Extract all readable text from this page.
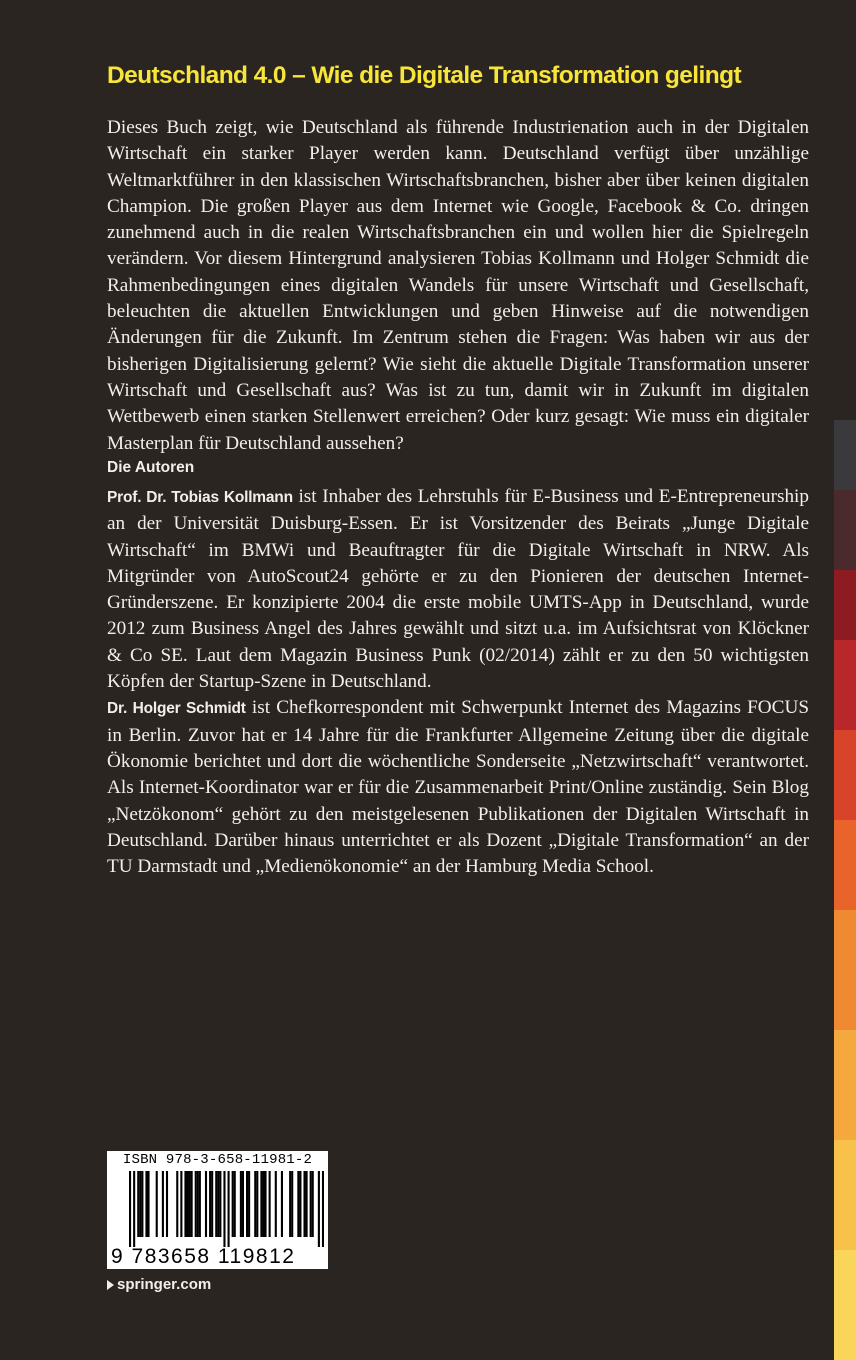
Deutschland 4.0 – Wie die Digitale Transformation gelingt

Dieses Buch zeigt, wie Deutschland als führende Industrienation auch in der Digitalen Wirtschaft ein starker Player werden kann. Deutschland verfügt über unzählige Weltmarktführer in den klassischen Wirtschaftsbranchen, bisher aber über keinen digitalen Champion. Die großen Player aus dem Internet wie Google, Facebook & Co. dringen zunehmend auch in die realen Wirtschaftsbranchen ein und wollen hier die Spielregeln verändern. Vor diesem Hintergrund analysieren Tobias Kollmann und Holger Schmidt die Rahmenbedingungen eines digitalen Wandels für unsere Wirtschaft und Gesellschaft, beleuchten die aktuellen Entwicklungen und geben Hinweise auf die notwendigen Änderungen für die Zukunft. Im Zentrum stehen die Fragen: Was haben wir aus der bisherigen Digitalisierung gelernt? Wie sieht die aktuelle Digitale Transformation unserer Wirtschaft und Gesellschaft aus? Was ist zu tun, damit wir in Zukunft im digitalen Wettbewerb einen starken Stellenwert erreichen? Oder kurz gesagt: Wie muss ein digitaler Masterplan für Deutschland aussehen?

Die Autoren

Prof. Dr. Tobias Kollmann ist Inhaber des Lehrstuhls für E-Business und E-Entrepreneurship an der Universität Duisburg-Essen. Er ist Vorsitzender des Beirats „Junge Digitale Wirtschaft“ im BMWi und Beauftragter für die Digitale Wirtschaft in NRW. Als Mitgründer von AutoScout24 gehörte er zu den Pionieren der deutschen Internet-Gründerszene. Er konzipierte 2004 die erste mobile UMTS-App in Deutschland, wurde 2012 zum Business Angel des Jahres gewählt und sitzt u.a. im Aufsichtsrat von Klöckner & Co SE. Laut dem Magazin Business Punk (02/2014) zählt er zu den 50 wichtigsten Köpfen der Startup-Szene in Deutschland.

Dr. Holger Schmidt ist Chefkorrespondent mit Schwerpunkt Internet des Magazins FOCUS in Berlin. Zuvor hat er 14 Jahre für die Frankfurter Allgemeine Zeitung über die digitale Ökonomie berichtet und dort die wöchentliche Sonderseite „Netzwirtschaft“ verantwortet. Als Internet-Koordinator war er für die Zusammenarbeit Print/Online zuständig. Sein Blog „Netzökonom“ gehört zu den meistgelesenen Publikationen der Digitalen Wirtschaft in Deutschland. Darüber hinaus unterrichtet er als Dozent „Digitale Transformation“ an der TU Darmstadt und „Medienökonomie“ an der Hamburg Media School.

ISBN 978-3-658-11981-2
9 783658 119812
springer.com
